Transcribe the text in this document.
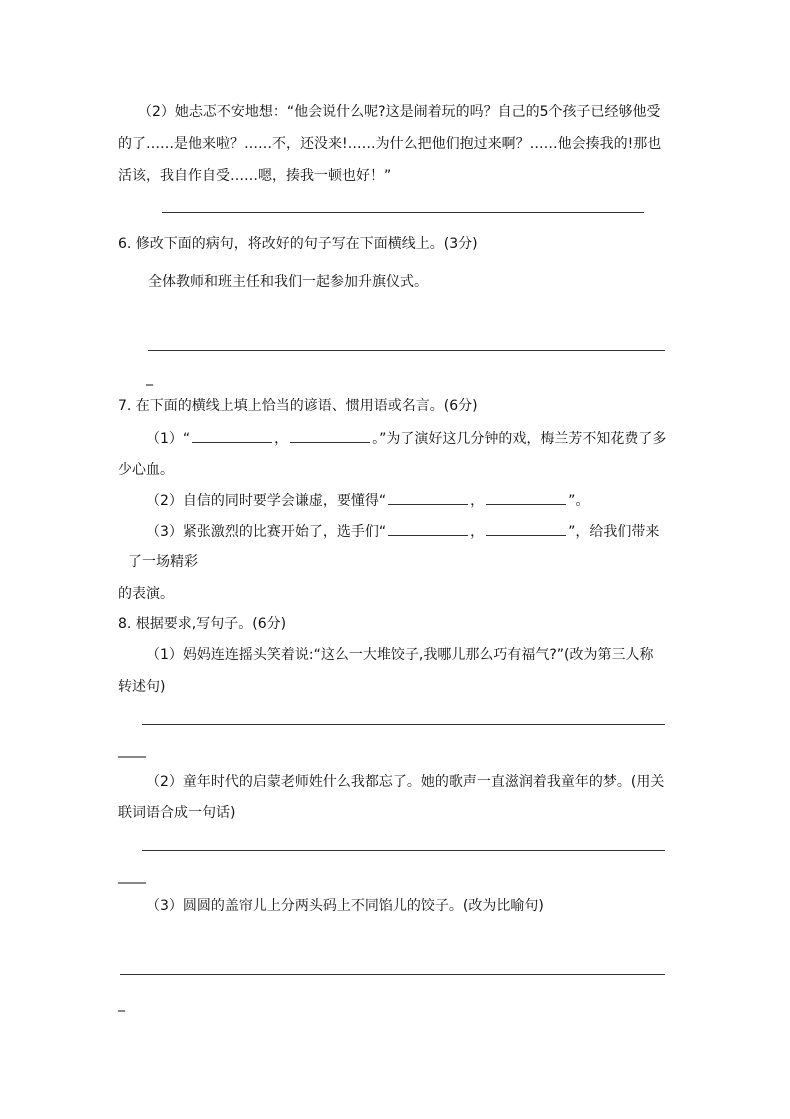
（2）她忐忑不安地想：“他会说什么呢?这是闹着玩的吗？自己的5个孩子已经够他受
的了……是他来啦？……不，还没来!……为什么把他们抱过来啊？……他会揍我的!那也
活该，我自作自受……嗯，揍我一顿也好！”
6. 修改下面的病句，将改好的句子写在下面横线上。(3分)
全体教师和班主任和我们一起参加升旗仪式。
_
7. 在下面的横线上填上恰当的谚语、惯用语或名言。(6分)
（1）“	，	。”为了演好这几分钟的戏，梅兰芳不知花费了多
少心血。
（2）自信的同时要学会谦虚，要懂得“	，	”。
（3）紧张激烈的比赛开始了，选手们“	，	”，给我们带来
了一场精彩
的表演。
8. 根据要求,写句子。(6分)
（1）妈妈连连摇头笑着说:“这么一大堆饺子,我哪儿那么巧有福气?”(改为第三人称
转述句)
____
（2）童年时代的启蒙老师姓什么我都忘了。她的歌声一直滋润着我童年的梦。(用关
联词语合成一句话)
____
（3）圆圆的盖帘儿上分两头码上不同馅儿的饺子。(改为比喻句)
_
